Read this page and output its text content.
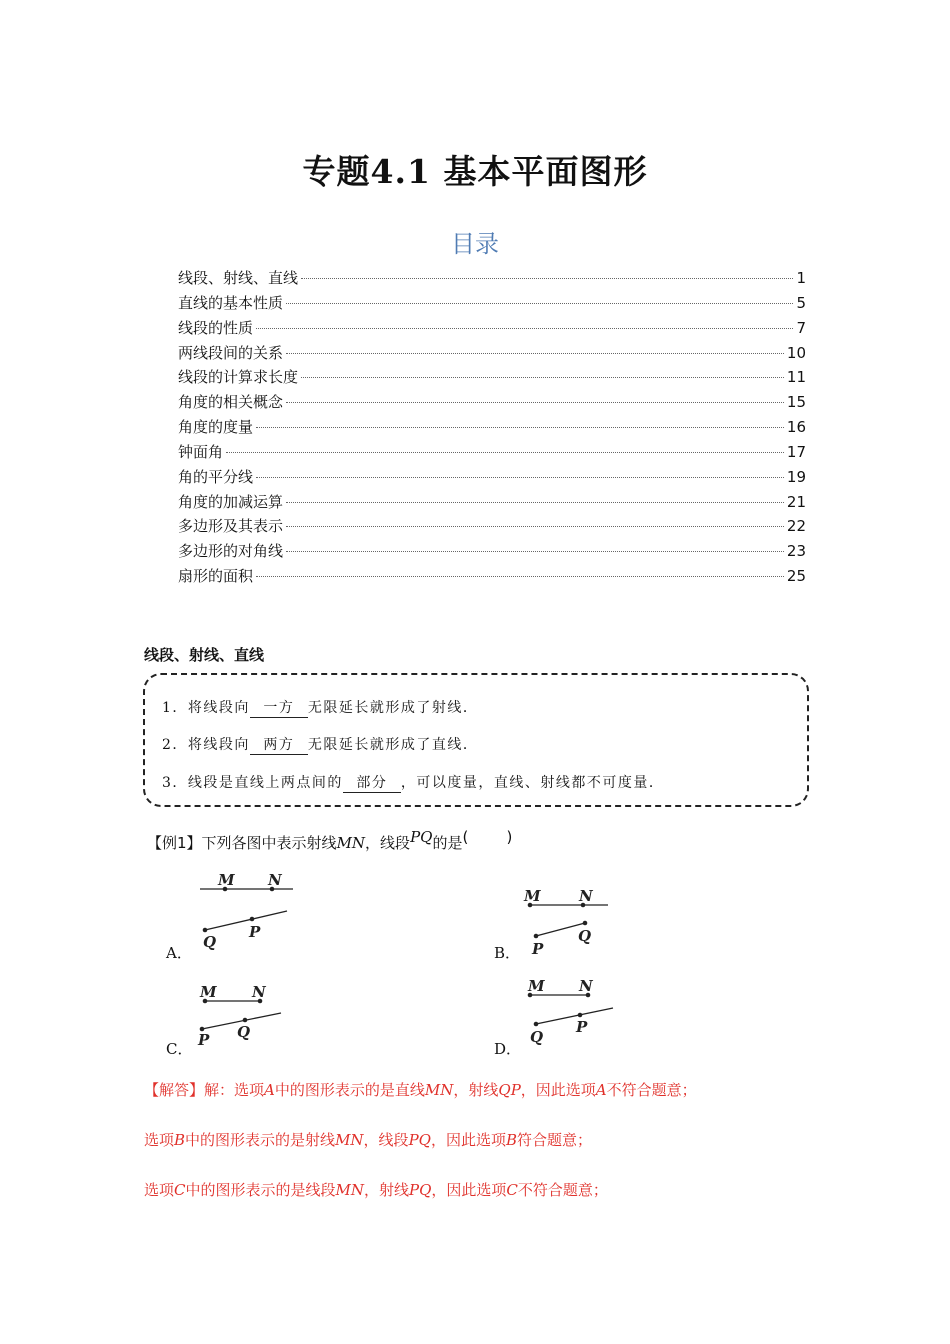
专题4.1 基本平面图形
目录
线段、射线、直线	1
直线的基本性质	5
线段的性质	7
两线段间的关系	10
线段的计算求长度	11
角度的相关概念	15
角度的度量	16
钟面角	17
角的平分线	19
角度的加减运算	21
多边形及其表示	22
多边形的对角线	23
扇形的面积	25
线段、射线、直线
1．将线段向 一方 无限延长就形成了射线．
2．将线段向 两方 无限延长就形成了直线．
3．线段是直线上两点间的 部分 ，可以度量，直线、射线都不可度量．
【例1】下列各图中表示射线MN，线段PQ的是(        )
M N
Q
P
A．
M	N
P
Q
B．
M N
P Q
C．
M N
Q
P
D．
【解答】解：选项A中的图形表示的是直线MN，射线QP，因此选项A不符合题意；
选项B中的图形表示的是射线MN，线段PQ，因此选项B符合题意；
选项C中的图形表示的是线段MN，射线PQ，因此选项C不符合题意；
